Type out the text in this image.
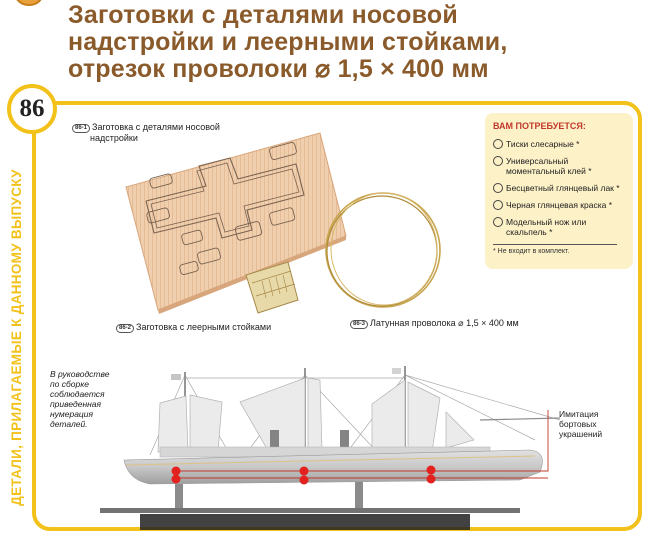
Заготовки с деталями носовой
надстройки и леерными стойками,
отрезок проволоки ⌀ 1,5 × 400 мм
86
ДЕТАЛИ, ПРИЛАГАЕМЫЕ К ДАННОМУ ВЫПУСКУ
86-1 Заготовка с деталями носовой
надстройки
86-2 Заготовка с леерными стойками	86-3 Латунная проволока ⌀ 1,5 × 400 мм
ВАМ ПОТРЕБУЕТСЯ:
Тиски слесарные *
Универсальный моментальный клей *
Бесцветный глянцевый лак *
Черная глянцевая краска *
Модельный нож или скальпель *
* Не входит в комплект.
В руководстве по сборке соблюдается приведенная нумерация деталей.
Имитация бортовых украшений
